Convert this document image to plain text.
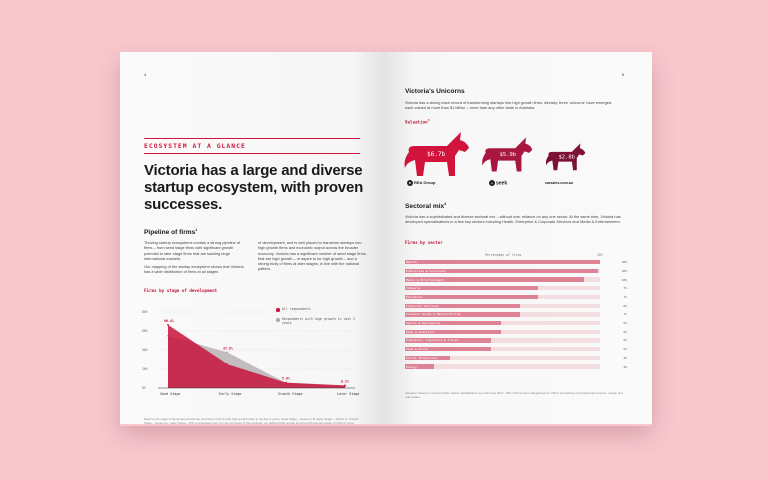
4
ECOSYSTEM AT A GLANCE
Victoria has a large and diverse startup ecosystem, with proven successes.
Pipeline of firms$^1$
Thriving startup ecosystems contain a strong pipeline of firms – from seed stage firms with significant growth potential to later stage firms that are tackling large international markets.
Our mapping of the startup ecosystem shows that Victoria has a wide distribution of firms at all stages
of development, and is well placed to transform startups into high growth firms and economic output across the broader economy. Victoria has a significant number of seed stage firms that are high growth – or aspire to be high growth – and a strong body of firms at later stages, in line with the national pattern.
Firms by stage of development
0%
20%
40%
60%
80%
66.4%
37.6%
5.6%
0.2%
Seed Stage	Early Stage	Growth Stage	Later Stage
All respondents
Respondents with high growth in last 3 years
Data for the stage of development and the proportion of firms with high growth rates in the last 3 years. Seed Stage – Series A–B. Early Stage – Series C. Growth Stage – Series D+. Later Stage – IPO or equivalent exit. For the purposes of this analysis, we defined high growth as firms with annual growth of 20% or more.
5
Victoria's Unicorns
Victoria has a strong track record of transforming startups into high growth firms. Already, three 'unicorns' have emerged, each valued at more than $1 billion – more than any other state in Australia.
Valuation$^3$
$6.7b	$5.9b	$2.8b
R REA Group	s seek	carsales.com.au
Sectoral mix$^4$
Victoria has a sophisticated and diverse sectoral mix – without over reliance on any one sector. At the same time, Victoria has developed specialisations in a few key sectors including Health, Enterprise & Corporate Services and Media & Entertainment.
Firms by sector
Percentage of firms	10%
Health	10%
Enterprise & Corporate	10%
Media & Entertainment	10%
Commerce	7%
Education	7%
Financial Services	6%
Consumer Goods & Manufacturing	7%
Sports & Recreation	5%
Data & Analytics	5%
Transport, Logistics & Travel	5%
Food & Drink	5%
Social Enterprise	2%
Energy	2%
Valuation based on reported ASX market capitalisation as at 30 June 2017. 10% of firms were categorised as 'Other' (consisting of professional services, design and real estate).
